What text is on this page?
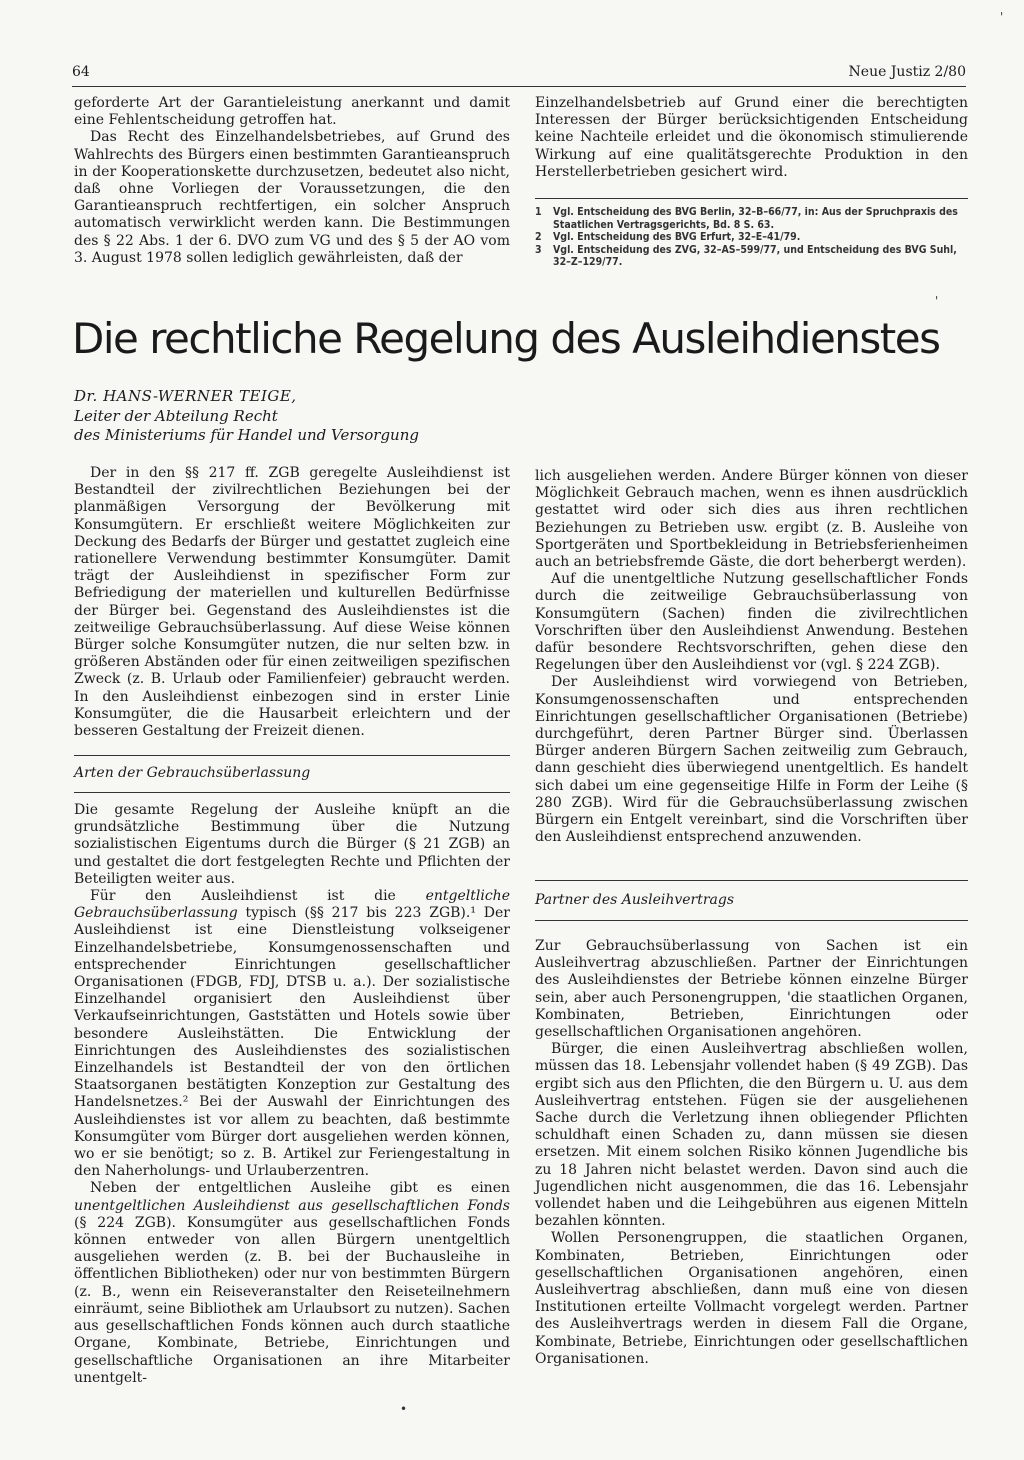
64	Neue Justiz 2/80
'

geforderte Art der Garantieleistung anerkannt und damit eine Fehlentscheidung getroffen hat.

Das Recht des Einzelhandelsbetriebes, auf Grund des Wahlrechts des Bürgers einen bestimmten Garantieanspruch in der Kooperationskette durchzusetzen, bedeutet also nicht, daß ohne Vorliegen der Voraussetzungen, die den Garantieanspruch rechtfertigen, ein solcher Anspruch automatisch verwirklicht werden kann. Die Bestimmungen des § 22 Abs. 1 der 6. DVO zum VG und des § 5 der AO vom 3. August 1978 sollen lediglich gewährleisten, daß der

Einzelhandelsbetrieb auf Grund einer die berechtigten Interessen der Bürger berücksichtigenden Entscheidung keine Nachteile erleidet und die ökonomisch stimulierende Wirkung auf eine qualitätsgerechte Produktion in den Herstellerbetrieben gesichert wird.

1	Vgl. Entscheidung des BVG Berlin, 32–B–66/77, in: Aus der Spruchpraxis des Staatlichen Vertragsgerichts, Bd. 8 S. 63.
2	Vgl. Entscheidung des BVG Erfurt, 32–E–41/79.
3	Vgl. Entscheidung des ZVG, 32–AS–599/77, und Entscheidung des BVG Suhl, 32–Z–129/77.
'
Die rechtliche Regelung des Ausleihdienstes
Dr. HANS-WERNER TEIGE,
Leiter der Abteilung Recht
des Ministeriums für Handel und Versorgung

Der in den §§ 217 ff. ZGB geregelte Ausleihdienst ist Bestandteil der zivilrechtlichen Beziehungen bei der planmäßigen Versorgung der Bevölkerung mit Konsumgütern. Er erschließt weitere Möglichkeiten zur Deckung des Bedarfs der Bürger und gestattet zugleich eine rationellere Verwendung bestimmter Konsumgüter. Damit trägt der Ausleihdienst in spezifischer Form zur Befriedigung der materiellen und kulturellen Bedürfnisse der Bürger bei. Gegenstand des Ausleihdienstes ist die zeitweilige Gebrauchsüberlassung. Auf diese Weise können Bürger solche Konsumgüter nutzen, die nur selten bzw. in größeren Abständen oder für einen zeitweiligen spezifischen Zweck (z. B. Urlaub oder Familienfeier) gebraucht werden. In den Ausleihdienst einbezogen sind in erster Linie Konsumgüter, die die Hausarbeit erleichtern und der besseren Gestaltung der Freizeit dienen.

Arten der Gebrauchsüberlassung

Die gesamte Regelung der Ausleihe knüpft an die grundsätzliche Bestimmung über die Nutzung sozialistischen Eigentums durch die Bürger (§ 21 ZGB) an und gestaltet die dort festgelegten Rechte und Pflichten der Beteiligten weiter aus.

Für den Ausleihdienst ist die entgeltliche Gebrauchsüberlassung typisch (§§ 217 bis 223 ZGB).¹ Der Ausleihdienst ist eine Dienstleistung volkseigener Einzelhandelsbetriebe, Konsumgenossenschaften und entsprechender Einrichtungen gesellschaftlicher Organisationen (FDGB, FDJ, DTSB u. a.). Der sozialistische Einzelhandel organisiert den Ausleihdienst über Verkaufseinrichtungen, Gaststätten und Hotels sowie über besondere Ausleihstätten. Die Entwicklung der Einrichtungen des Ausleihdienstes des sozialistischen Einzelhandels ist Bestandteil der von den örtlichen Staatsorganen bestätigten Konzeption zur Gestaltung des Handelsnetzes.² Bei der Auswahl der Einrichtungen des Ausleihdienstes ist vor allem zu beachten, daß bestimmte Konsumgüter vom Bürger dort ausgeliehen werden können, wo er sie benötigt; so z. B. Artikel zur Feriengestaltung in den Naherholungs- und Urlauberzentren.

Neben der entgeltlichen Ausleihe gibt es einen unentgeltlichen Ausleihdienst aus gesellschaftlichen Fonds (§ 224 ZGB). Konsumgüter aus gesellschaftlichen Fonds können entweder von allen Bürgern unentgeltlich ausgeliehen werden (z. B. bei der Buchausleihe in öffentlichen Bibliotheken) oder nur von bestimmten Bürgern (z. B., wenn ein Reiseveranstalter den Reiseteilnehmern einräumt, seine Bibliothek am Urlaubsort zu nutzen). Sachen aus gesellschaftlichen Fonds können auch durch staatliche Organe, Kombinate, Betriebe, Einrichtungen und gesellschaftliche Organisationen an ihre Mitarbeiter unentgelt-

lich ausgeliehen werden. Andere Bürger können von dieser Möglichkeit Gebrauch machen, wenn es ihnen ausdrücklich gestattet wird oder sich dies aus ihren rechtlichen Beziehungen zu Betrieben usw. ergibt (z. B. Ausleihe von Sportgeräten und Sportbekleidung in Betriebsferienheimen auch an betriebsfremde Gäste, die dort beherbergt werden).

Auf die unentgeltliche Nutzung gesellschaftlicher Fonds durch die zeitweilige Gebrauchsüberlassung von Konsumgütern (Sachen) finden die zivilrechtlichen Vorschriften über den Ausleihdienst Anwendung. Bestehen dafür besondere Rechtsvorschriften, gehen diese den Regelungen über den Ausleihdienst vor (vgl. § 224 ZGB).

Der Ausleihdienst wird vorwiegend von Betrieben, Konsumgenossenschaften und entsprechenden Einrichtungen gesellschaftlicher Organisationen (Betriebe) durchgeführt, deren Partner Bürger sind. Überlassen Bürger anderen Bürgern Sachen zeitweilig zum Gebrauch, dann geschieht dies überwiegend unentgeltlich. Es handelt sich dabei um eine gegenseitige Hilfe in Form der Leihe (§ 280 ZGB). Wird für die Gebrauchsüberlassung zwischen Bürgern ein Entgelt vereinbart, sind die Vorschriften über den Ausleihdienst entsprechend anzuwenden.

Partner des Ausleihvertrags

Zur Gebrauchsüberlassung von Sachen ist ein Ausleihvertrag abzuschließen. Partner der Einrichtungen des Ausleihdienstes der Betriebe können einzelne Bürger sein, aber auch Personengruppen, 'die staatlichen Organen, Kombinaten, Betrieben, Einrichtungen oder gesellschaftlichen Organisationen angehören.

Bürger, die einen Ausleihvertrag abschließen wollen, müssen das 18. Lebensjahr vollendet haben (§ 49 ZGB). Das ergibt sich aus den Pflichten, die den Bürgern u. U. aus dem Ausleihvertrag entstehen. Fügen sie der ausgeliehenen Sache durch die Verletzung ihnen obliegender Pflichten schuldhaft einen Schaden zu, dann müssen sie diesen ersetzen. Mit einem solchen Risiko können Jugendliche bis zu 18 Jahren nicht belastet werden. Davon sind auch die Jugendlichen nicht ausgenommen, die das 16. Lebensjahr vollendet haben und die Leihgebühren aus eigenen Mitteln bezahlen könnten.

Wollen Personengruppen, die staatlichen Organen, Kombinaten, Betrieben, Einrichtungen oder gesellschaftlichen Organisationen angehören, einen Ausleihvertrag abschließen, dann muß eine von diesen Institutionen erteilte Vollmacht vorgelegt werden. Partner des Ausleihvertrags werden in diesem Fall die Organe, Kombinate, Betriebe, Einrichtungen oder gesellschaftlichen Organisationen.

•
